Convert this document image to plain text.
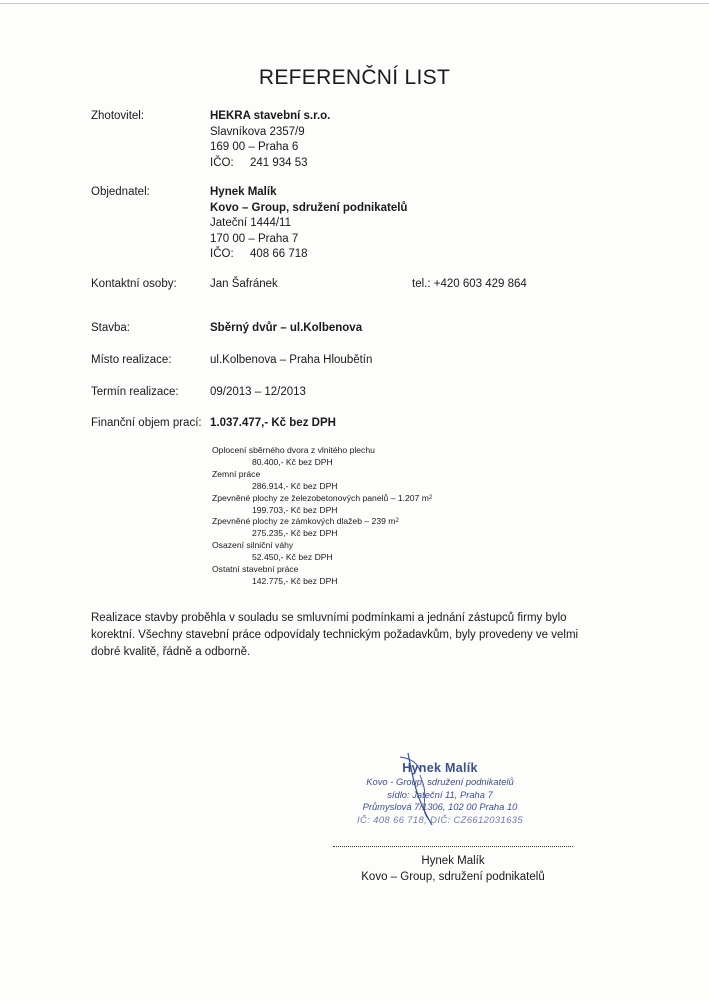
REFERENČNÍ LIST
Zhotovitel:	HEKRA stavební s.r.o.
Slavníkova 2357/9
169 00 – Praha 6
IČO: 241 934 53
Objednatel:	Hynek Malík
Kovo – Group, sdružení podnikatelů
Jateční 1444/11
170 00 – Praha 7
IČO: 408 66 718
Kontaktní osoby:	Jan Šafránek	tel.: +420 603 429 864
Stavba:	Sběrný dvůr – ul.Kolbenova
Místo realizace:	ul.Kolbenova – Praha Hloubětín
Termín realizace:	09/2013 – 12/2013
Finanční objem prací: 1.037.477,- Kč bez DPH
Oplocení sběrného dvora z vlnitého plechu
80.400,- Kč bez DPH
Zemní práce
286.914,- Kč bez DPH
Zpevněné plochy ze železobetonových panelů – 1.207 $m^2$
199.703,- Kč bez DPH
Zpevněné plochy ze zámkových dlažeb – 239 $m^2$
275.235,- Kč bez DPH
Osazení silniční váhy
52.450,- Kč bez DPH
Ostatní stavební práce
142.775,- Kč bez DPH
Realizace stavby proběhla v souladu se smluvními podmínkami a jednání zástupců firmy bylo korektní. Všechny stavební práce odpovídaly technickým požadavkům, byly provedeny ve velmi dobré kvalitě, řádně a odborně.
Hynek Malík
Kovo - Group, sdružení podnikatelů
sídlo: Jateční 11, Praha 7
Průmyslová 7/1306, 102 00 Praha 10
IČ: 408 66 718, DIČ: CZ6612031635
Hynek Malík
Kovo – Group, sdružení podnikatelů
